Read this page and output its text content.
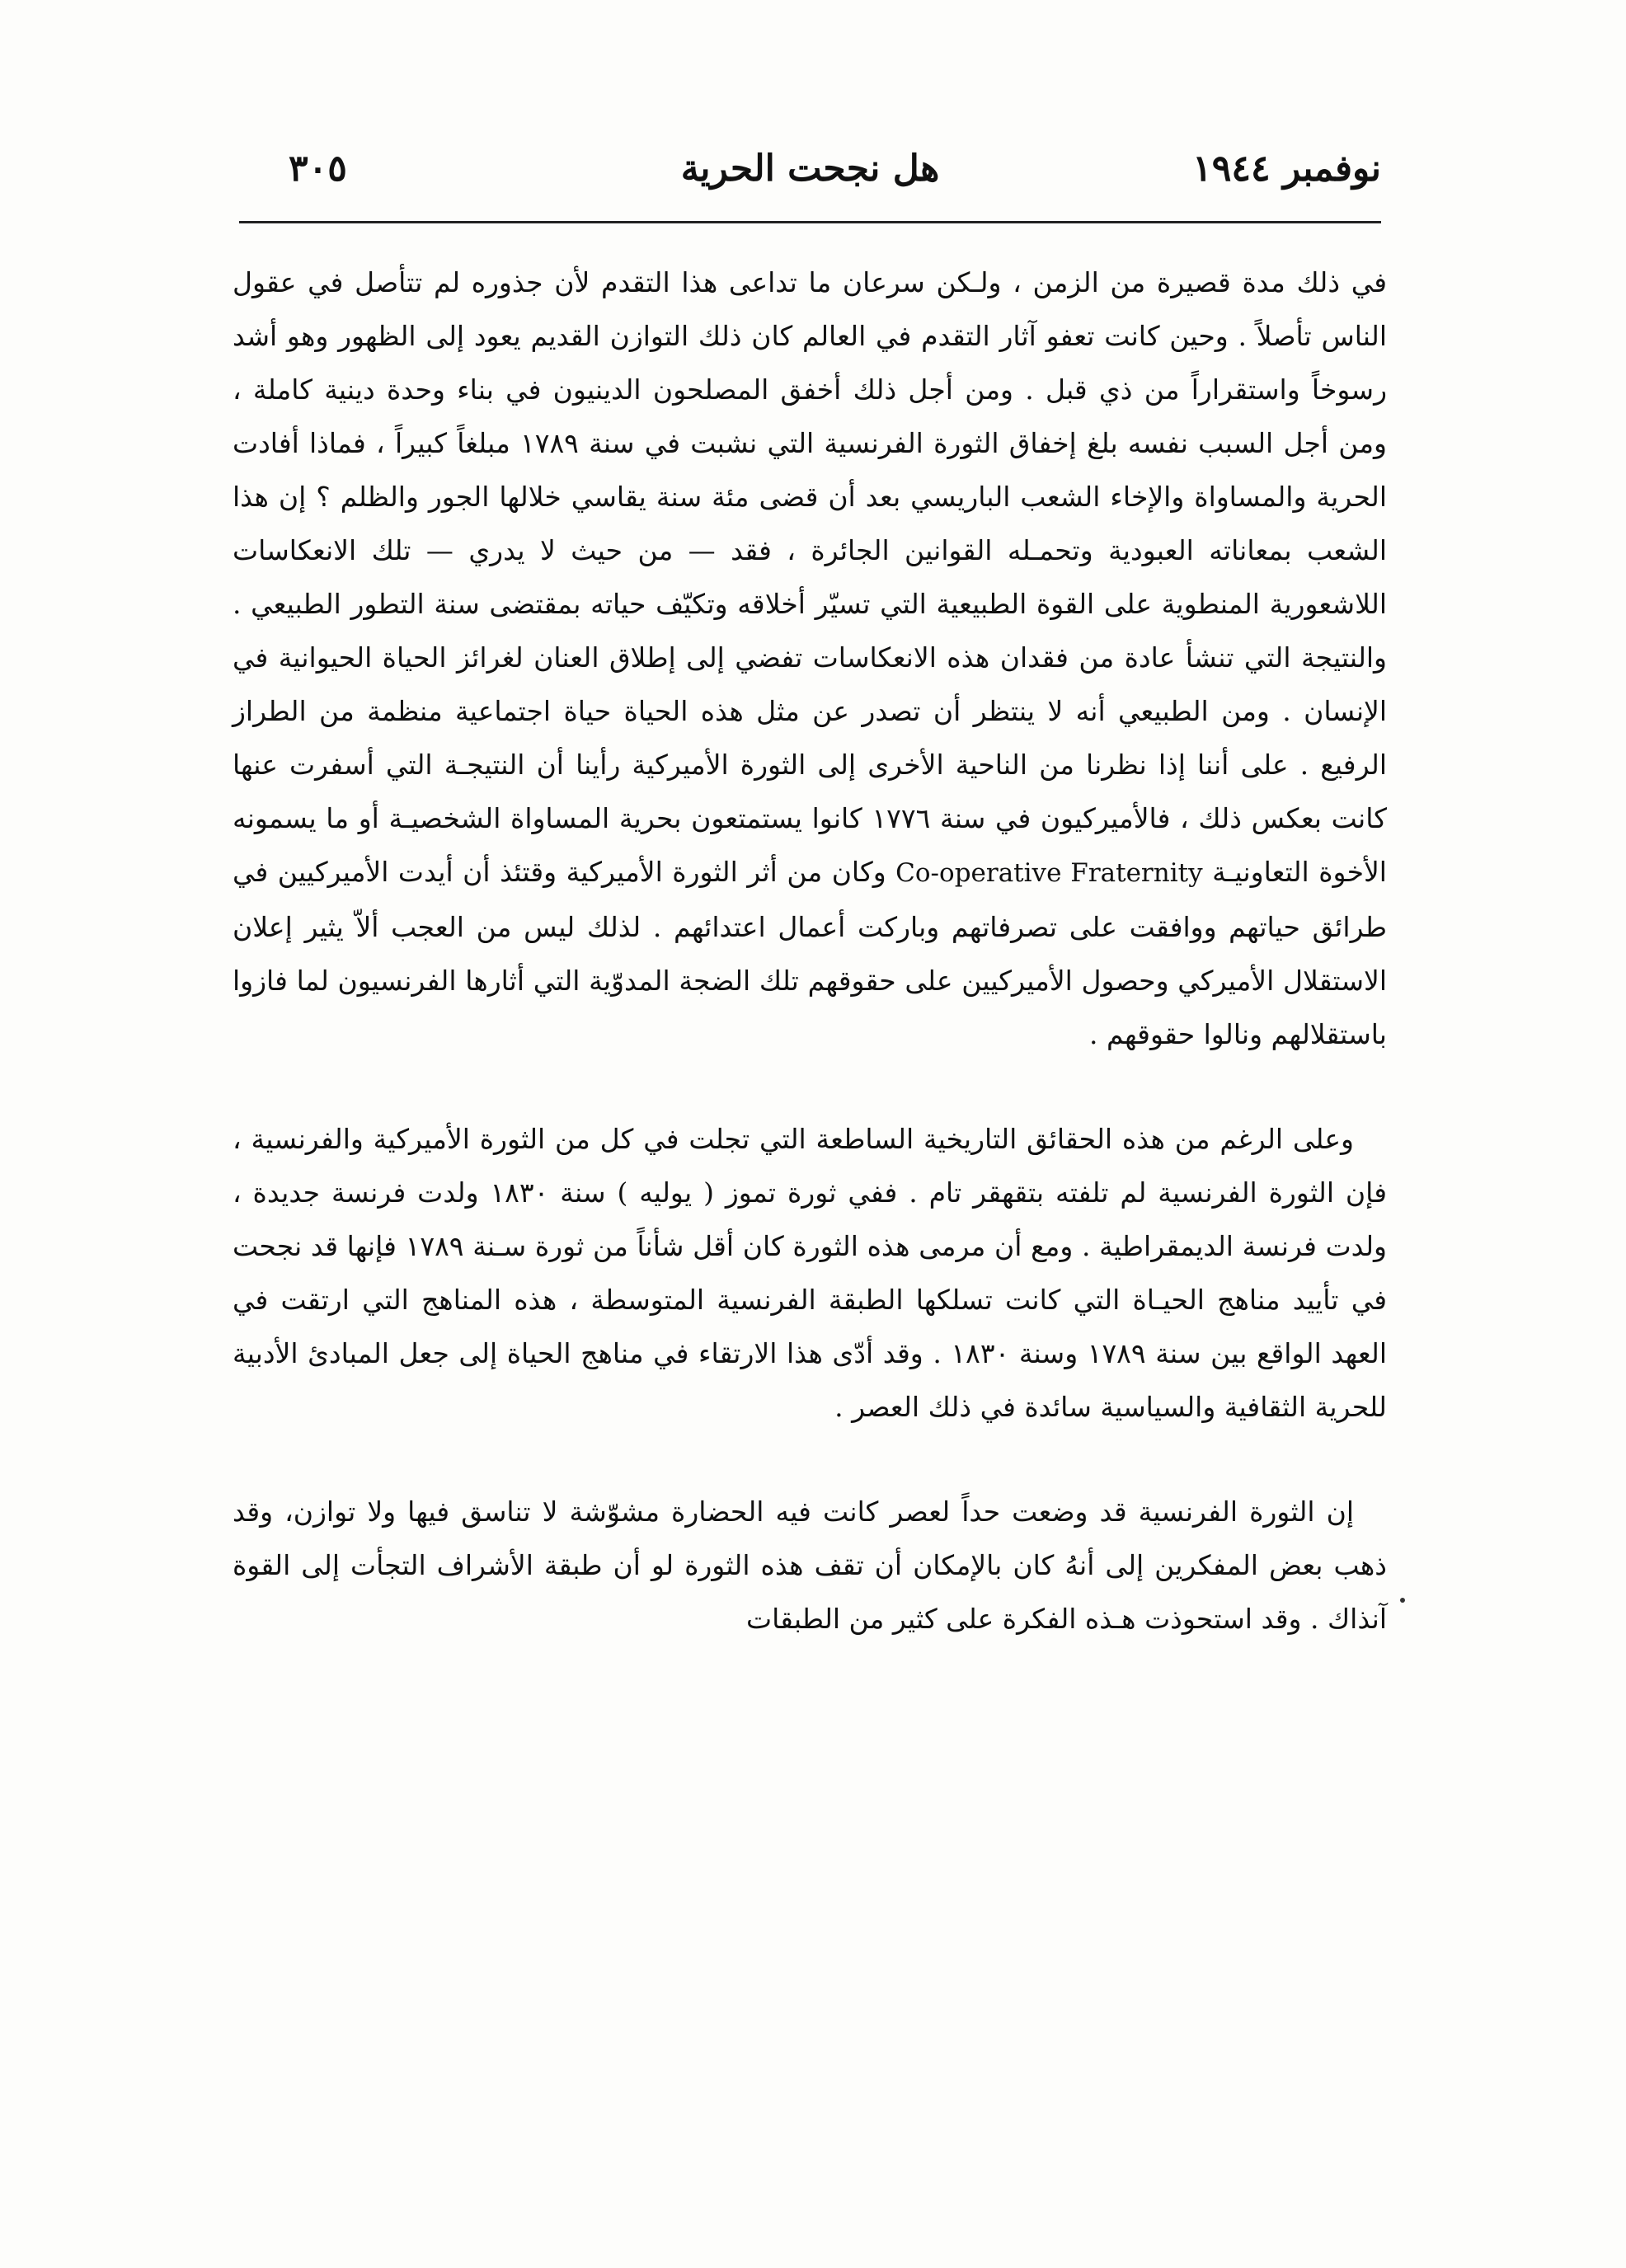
نوفمبر ١٩٤٤
هل نجحت الحرية
٣٠٥

في ذلك مدة قصيرة من الزمن ، ولـكن سرعان ما تداعى هذا التقدم لأن جذوره لم تتأصل في عقول الناس تأصلاً . وحين كانت تعفو آثار التقدم في العالم كان ذلك التوازن القديم يعود إلى الظهور وهو أشد رسوخاً واستقراراً من ذي قبل . ومن أجل ذلك أخفق المصلحون الدينيون في بناء وحدة دينية كاملة ، ومن أجل السبب نفسه بلغ إخفاق الثورة الفرنسية التي نشبت في سنة ١٧٨٩ مبلغاً كبيراً ، فماذا أفادت الحرية والمساواة والإخاء الشعب الباريسي بعد أن قضى مئة سنة يقاسي خلالها الجور والظلم ؟ إن هذا الشعب بمعاناته العبودية وتحمـله القوانين الجائرة ، فقد — من حيث لا يدري — تلك الانعكاسات اللاشعورية المنطوية على القوة الطبيعية التي تسيّر أخلاقه وتكيّف حياته بمقتضى سنة التطور الطبيعي . والنتيجة التي تنشأ عادة من فقدان هذه الانعكاسات تفضي إلى إطلاق العنان لغرائز الحياة الحيوانية في الإنسان . ومن الطبيعي أنه لا ينتظر أن تصدر عن مثل هذه الحياة حياة اجتماعية منظمة من الطراز الرفيع . على أننا إذا نظرنا من الناحية الأخرى إلى الثورة الأميركية رأينا أن النتيجـة التي أسفرت عنها كانت بعكس ذلك ، فالأميركيون في سنة ١٧٧٦ كانوا يستمتعون بحرية المساواة الشخصيـة أو ما يسمونه الأخوة التعاونيـة Co-operative Fraternity وكان من أثر الثورة الأميركية وقتئذ أن أيدت الأميركيين في طرائق حياتهم ووافقت على تصرفاتهم وباركت أعمال اعتدائهم . لذلك ليس من العجب ألاّ يثير إعلان الاستقلال الأميركي وحصول الأميركيين على حقوقهم تلك الضجة المدوّية التي أثارها الفرنسيون لما فازوا باستقلالهم ونالوا حقوقهم .

وعلى الرغم من هذه الحقائق التاريخية الساطعة التي تجلت في كل من الثورة الأميركية والفرنسية ، فإن الثورة الفرنسية لم تلفته بتقهقر تام . ففي ثورة تموز ( يوليه ) سنة ١٨٣٠ ولدت فرنسة جديدة ، ولدت فرنسة الديمقراطية . ومع أن مرمى هذه الثورة كان أقل شأناً من ثورة سـنة ١٧٨٩ فإنها قد نجحت في تأييد مناهج الحيـاة التي كانت تسلكها الطبقة الفرنسية المتوسطة ، هذه المناهج التي ارتقت في العهد الواقع بين سنة ١٧٨٩ وسنة ١٨٣٠ . وقد أدّى هذا الارتقاء في مناهج الحياة إلى جعل المبادئ الأدبية للحرية الثقافية والسياسية سائدة في ذلك العصر .

إن الثورة الفرنسية قد وضعت حداً لعصر كانت فيه الحضارة مشوّشة لا تناسق فيها ولا توازن، وقد ذهب بعض المفكرين إلى أنهُ كان بالإمكان أن تقف هذه الثورة لو أن طبقة الأشراف التجأت إلى القوة آنذاك . وقد استحوذت هـذه الفكرة على كثير من الطبقات
